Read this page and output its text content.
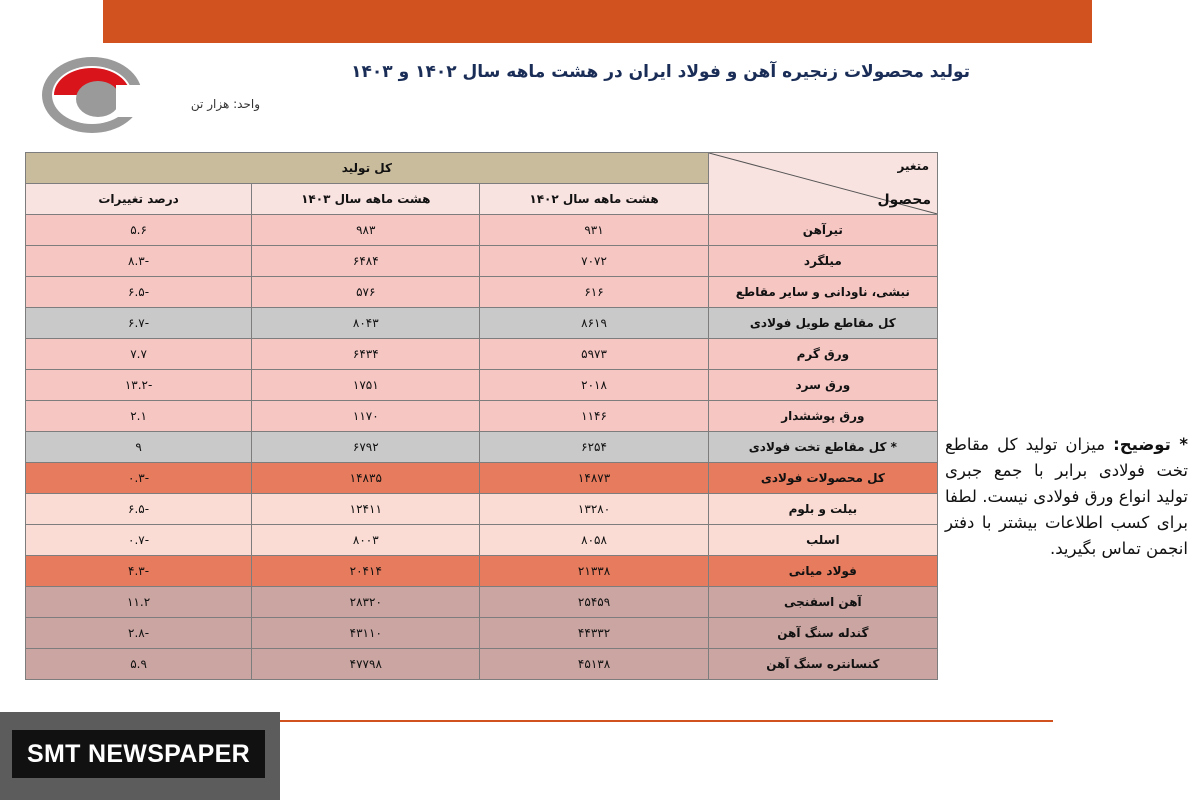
تولید محصولات زنجیره آهن و فولاد ایران در هشت ماهه سال ۱۴۰۲ و ۱۴۰۳
واحد: هزار تن
متغیر
محصول	کل تولید		
	هشت ماهه سال ۱۴۰۲	هشت ماهه سال ۱۴۰۳	درصد تغییرات
تیرآهن	۹۳۱	۹۸۳	۵.۶
میلگرد	۷۰۷۲	۶۴۸۴	-۸.۳
نبشی، ناودانی و سایر مقاطع	۶۱۶	۵۷۶	-۶.۵
کل مقاطع طویل فولادی	۸۶۱۹	۸۰۴۳	-۶.۷
ورق گرم	۵۹۷۳	۶۴۳۴	۷.۷
ورق سرد	۲۰۱۸	۱۷۵۱	-۱۳.۲
ورق پوششدار	۱۱۴۶	۱۱۷۰	۲.۱
* کل مقاطع تخت فولادی	۶۲۵۴	۶۷۹۲	۹
کل محصولات فولادی	۱۴۸۷۳	۱۴۸۳۵	-۰.۳
بیلت و بلوم	۱۳۲۸۰	۱۲۴۱۱	-۶.۵
اسلب	۸۰۵۸	۸۰۰۳	-۰.۷
فولاد میانی	۲۱۳۳۸	۲۰۴۱۴	-۴.۳
آهن اسفنجی	۲۵۴۵۹	۲۸۳۲۰	۱۱.۲
گندله سنگ آهن	۴۴۳۳۲	۴۳۱۱۰	-۲.۸
کنسانتره سنگ آهن	۴۵۱۳۸	۴۷۷۹۸	۵.۹
* توضیح: میزان تولید کل مقاطع تخت فولادی برابر با جمع جبری تولید انواع ورق فولادی نیست. لطفا برای کسب اطلاعات بیشتر با دفتر انجمن تماس بگیرید.
SMT NEWSPAPER
